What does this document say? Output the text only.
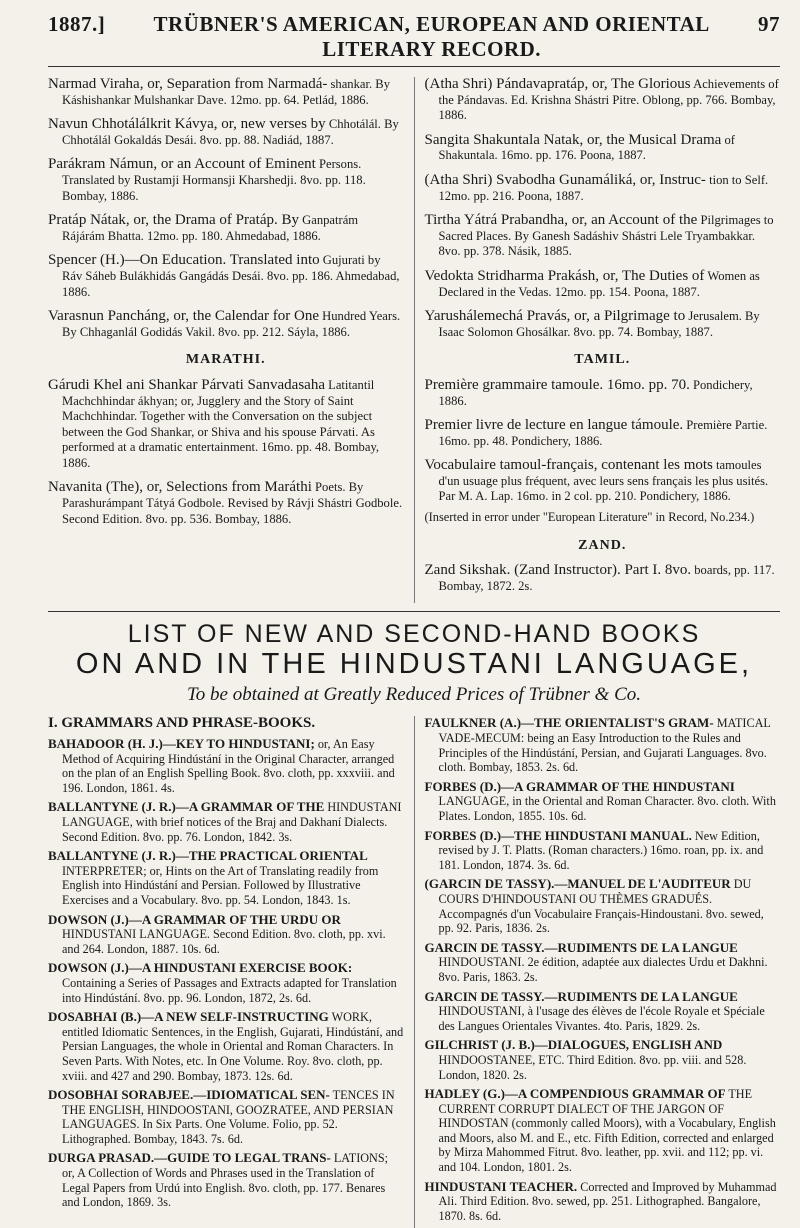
1887.]	TRÜBNER'S AMERICAN, EUROPEAN AND ORIENTAL LITERARY RECORD.
97
Narmad Viraha, or, Separation from Narmadá- shankar. By Káshishankar Mulshankar Dave. 12mo. pp. 64. Petlád, 1886.
Navun Chhotálálkrit Kávya, or, new verses by Chhotálál. By Chhotálál Gokaldás Desái. 8vo. pp. 88. Nadiád, 1887.
Parákram Námun, or an Account of Eminent Persons. Translated by Rustamji Hormansji Kharshedji. 8vo. pp. 118. Bombay, 1886.
Pratáp Nátak, or, the Drama of Pratáp. By Ganpatrám Rájárám Bhatta. 12mo. pp. 180. Ahmedabad, 1886.
Spencer (H.)—On Education. Translated into Gujurati by Ráv Sáheb Bulákhidás Gangádás Desái. 8vo. pp. 186. Ahmedabad, 1886.
Varasnun Pancháng, or, the Calendar for One Hundred Years. By Chhaganlál Godidás Vakil. 8vo. pp. 212. Sáyla, 1886.
MARATHI.
Gárudi Khel ani Shankar Párvati Sanvadasaha Latitantil Machchhindar ákhyan; or, Jugglery and the Story of Saint Machchhindar. Together with the Conversation on the subject between the God Shankar, or Shiva and his spouse Párvati. As performed at a dramatic entertainment. 16mo. pp. 48. Bombay, 1886.
Navanita (The), or, Selections from Maráthi Poets. By Parashurámpant Tátyá Godbole. Revised by Rávji Shástri Godbole. Second Edition. 8vo. pp. 536. Bombay, 1886.
(Atha Shri) Pándavapratáp, or, The Glorious Achievements of the Pándavas. Ed. Krishna Shástri Pitre. Oblong, pp. 766. Bombay, 1886.
Sangita Shakuntala Natak, or, the Musical Drama of Shakuntala. 16mo. pp. 176. Poona, 1887.
(Atha Shri) Svabodha Gunamáliká, or, Instruc- tion to Self. 12mo. pp. 216. Poona, 1887.
Tirtha Yátrá Prabandha, or, an Account of the Pilgrimages to Sacred Places. By Ganesh Sadáshiv Shástri Lele Tryambakkar. 8vo. pp. 378. Násik, 1885.
Vedokta Stridharma Prakásh, or, The Duties of Women as Declared in the Vedas. 12mo. pp. 154. Poona, 1887.
Yarushálemechá Pravás, or, a Pilgrimage to Jerusalem. By Isaac Solomon Ghosálkar. 8vo. pp. 74. Bombay, 1887.
TAMIL.
Première grammaire tamoule. 16mo. pp. 70. Pondichery, 1886.
Premier livre de lecture en langue támoule. Première Partie. 16mo. pp. 48. Pondichery, 1886.
Vocabulaire tamoul-français, contenant les mots tamoules d'un usuage plus fréquent, avec leurs sens français les plus usités. Par M. A. Lap. 16mo. in 2 col. pp. 210. Pondichery, 1886.
(Inserted in error under "European Literature" in Record, No.234.)
ZAND.
Zand Sikshak. (Zand Instructor). Part I. 8vo. boards, pp. 117. Bombay, 1872. 2s.
LIST OF NEW AND SECOND-HAND BOOKS
ON AND IN THE HINDUSTANI LANGUAGE,
To be obtained at Greatly Reduced Prices of Trübner & Co.
I. GRAMMARS AND PHRASE-BOOKS.
BAHADOOR (H. J.)—KEY TO HINDUSTANI; or, An Easy Method of Acquiring Hindústání in the Original Character, arranged on the plan of an English Spelling Book. 8vo. cloth, pp. xxxviii. and 196. London, 1861. 4s.
BALLANTYNE (J. R.)—A GRAMMAR OF THE HINDUSTANI LANGUAGE, with brief notices of the Braj and Dakhaní Dialects. Second Edition. 8vo. pp. 76. London, 1842. 3s.
BALLANTYNE (J. R.)—THE PRACTICAL ORIENTAL INTERPRETER; or, Hints on the Art of Translating readily from English into Hindústání and Persian. Followed by Illustrative Exercises and a Vocabulary. 8vo. pp. 54. London, 1843. 1s.
DOWSON (J.)—A GRAMMAR OF THE URDU OR HINDUSTANI LANGUAGE. Second Edition. 8vo. cloth, pp. xvi. and 264. London, 1887. 10s. 6d.
DOWSON (J.)—A HINDUSTANI EXERCISE BOOK: Containing a Series of Passages and Extracts adapted for Translation into Hindústání. 8vo. pp. 96. London, 1872, 2s. 6d.
DOSABHAI (B.)—A NEW SELF-INSTRUCTING WORK, entitled Idiomatic Sentences, in the English, Gujarati, Hindústání, and Persian Languages, the whole in Oriental and Roman Characters. In Seven Parts. With Notes, etc. In One Volume. Roy. 8vo. cloth, pp. xviii. and 427 and 290. Bombay, 1873. 12s. 6d.
DOSOBHAI SORABJEE.—IDIOMATICAL SEN- TENCES IN THE ENGLISH, HINDOOSTANI, GOOZRATEE, AND PERSIAN LANGUAGES. In Six Parts. One Volume. Folio, pp. 52. Lithographed. Bombay, 1843. 7s. 6d.
DURGA PRASAD.—GUIDE TO LEGAL TRANS- LATIONS; or, A Collection of Words and Phrases used in the Translation of Legal Papers from Urdú into English. 8vo. cloth, pp. 177. Benares and London, 1869. 3s.
FAULKNER (A.)—THE ORIENTALIST'S GRAM- MATICAL VADE-MECUM: being an Easy Introduction to the Rules and Principles of the Hindústání, Persian, and Gujarati Languages. 8vo. cloth. Bombay, 1853. 2s. 6d.
FORBES (D.)—A GRAMMAR OF THE HINDUSTANI LANGUAGE, in the Oriental and Roman Character. 8vo. cloth. With Plates. London, 1855. 10s. 6d.
FORBES (D.)—THE HINDUSTANI MANUAL. New Edition, revised by J. T. Platts. (Roman characters.) 16mo. roan, pp. ix. and 181. London, 1874. 3s. 6d.
(GARCIN DE TASSY).—MANUEL DE L'AUDITEUR DU COURS D'HINDOUSTANI OU THÈMES GRADUÉS. Accompagnés d'un Vocabulaire Français-Hindoustani. 8vo. sewed, pp. 92. Paris, 1836. 2s.
GARCIN DE TASSY.—RUDIMENTS DE LA LANGUE HINDOUSTANI. 2e édition, adaptée aux dialectes Urdu et Dakhni. 8vo. Paris, 1863. 2s.
GARCIN DE TASSY.—RUDIMENTS DE LA LANGUE HINDOUSTANI, à l'usage des élèves de l'école Royale et Spéciale des Langues Orientales Vivantes. 4to. Paris, 1829. 2s.
GILCHRIST (J. B.)—DIALOGUES, ENGLISH AND HINDOOSTANEE, ETC. Third Edition. 8vo. pp. viii. and 528. London, 1820. 2s.
HADLEY (G.)—A COMPENDIOUS GRAMMAR OF THE CURRENT CORRUPT DIALECT OF THE JARGON OF HINDOSTAN (commonly called Moors), with a Vocabulary, English and Moors, also M. and E., etc. Fifth Edition, corrected and enlarged by Mirza Mahommed Fitrut. 8vo. leather, pp. xvii. and 112; pp. vi. and 104. London, 1801. 2s.
HINDUSTANI TEACHER. Corrected and Improved by Muhammad Ali. Third Edition. 8vo. sewed, pp. 251. Lithographed. Bangalore, 1870. 8s. 6d.
